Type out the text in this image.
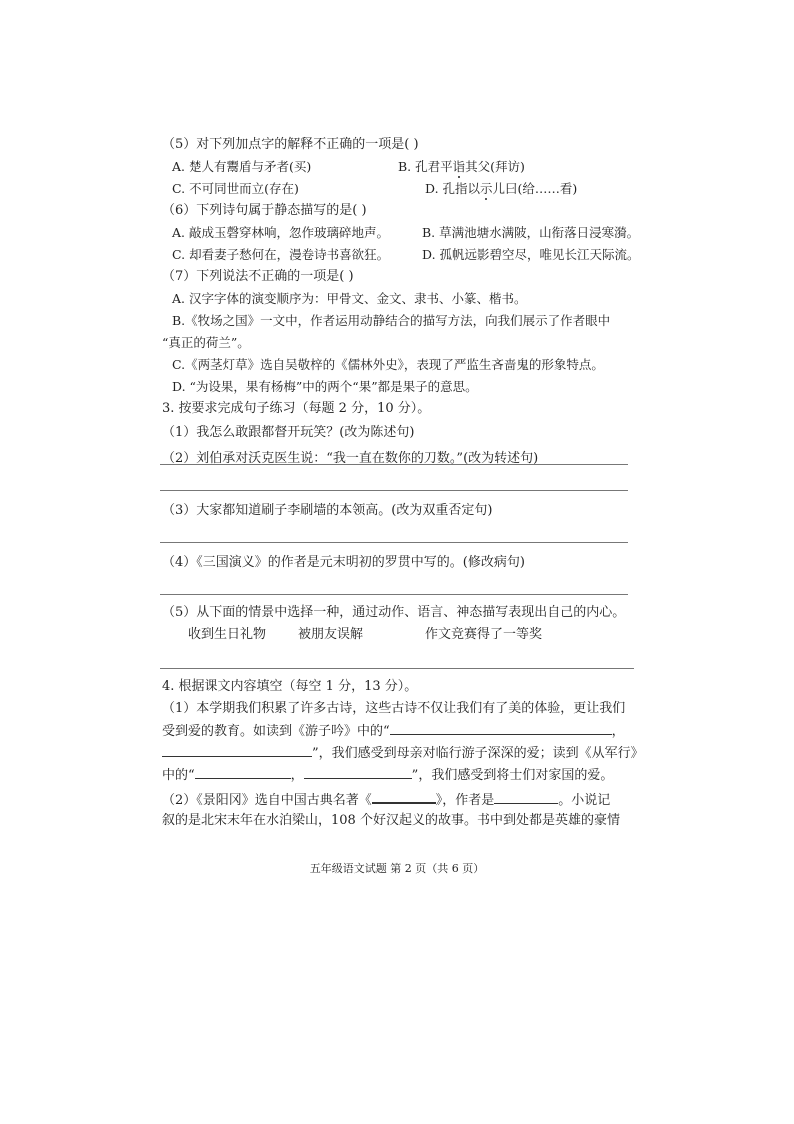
（5）对下列加点字的解释不正确的一项是( )
A. 楚人有鬻盾与矛者(买)	B. 孔君平诣其父(拜访)
C. 不可同世而立(存在)	D. 孔指以示儿曰(给……看)
（6）下列诗句属于静态描写的是( )
A. 敲成玉磬穿林响，忽作玻璃碎地声。	B. 草满池塘水满陂，山衔落日浸寒漪。
C. 却看妻子愁何在，漫卷诗书喜欲狂。	D. 孤帆远影碧空尽，唯见长江天际流。
（7）下列说法不正确的一项是( )
A. 汉字字体的演变顺序为：甲骨文、金文、隶书、小篆、楷书。
B.《牧场之国》一文中，作者运用动静结合的描写方法，向我们展示了作者眼中
“真正的荷兰”。
C.《两茎灯草》选自吴敬梓的《儒林外史》，表现了严监生吝啬鬼的形象特点。
D. “为设果，果有杨梅”中的两个“果”都是果子的意思。
3. 按要求完成句子练习（每题 2 分，10 分）。
（1）我怎么敢跟都督开玩笑？(改为陈述句)
（2）刘伯承对沃克医生说：“我一直在数你的刀数。”(改为转述句)
（3）大家都知道刷子李刷墙的本领高。(改为双重否定句)
（4）《三国演义》的作者是元末明初的罗贯中写的。(修改病句)
（5）从下面的情景中选择一种，通过动作、语言、神态描写表现出自己的内心。
收到生日礼物 被朋友误解	作文竞赛得了一等奖
4. 根据课文内容填空（每空 1 分，13 分）。
（1）本学期我们积累了许多古诗，这些古诗不仅让我们有了美的体验，更让我们
受到爱的教育。如读到《游子吟》中的“	，
”，我们感受到母亲对临行游子深深的爱；读到《从军行》
中的“	，	”，我们感受到将士们对家国的爱。
（2）《景阳冈》选自中国古典名著《	》，作者是	。小说记
叙的是北宋末年在水泊梁山，108 个好汉起义的故事。书中到处都是英雄的豪情
五年级语文试题 第 2 页（共 6 页）
